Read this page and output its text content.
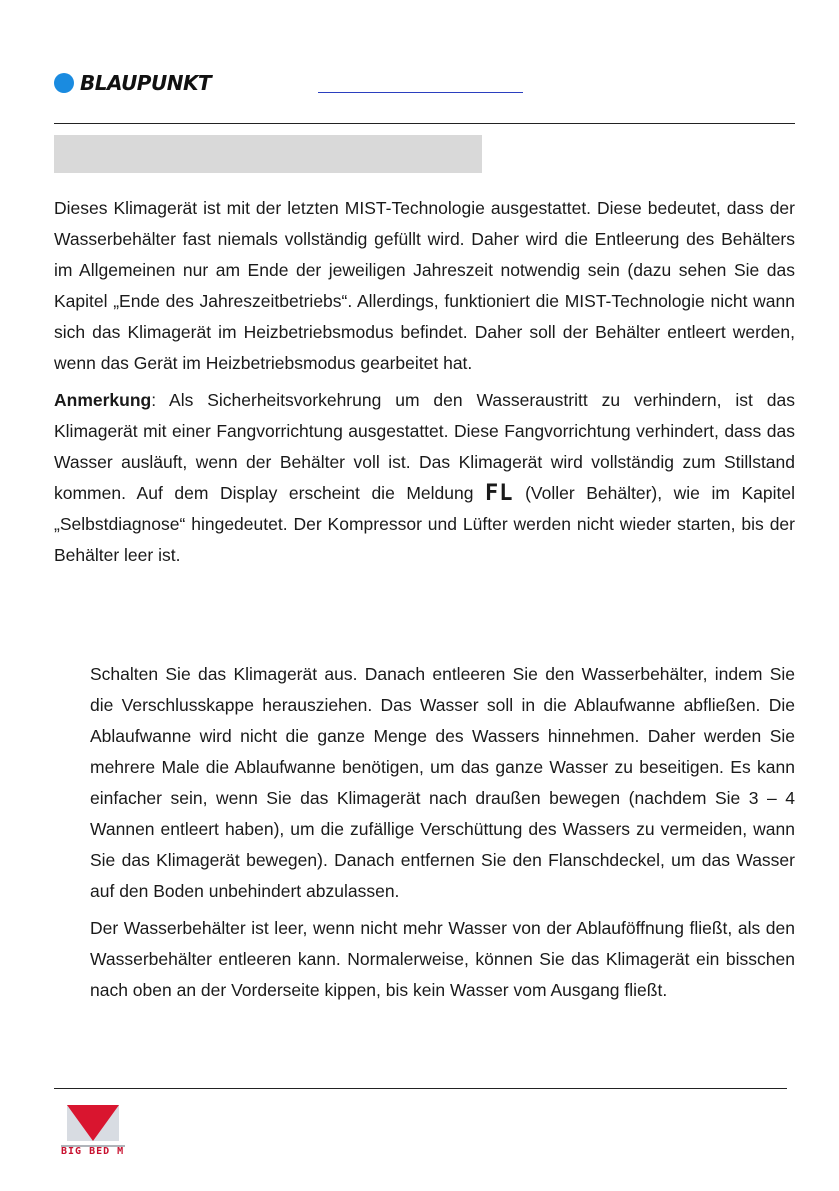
BLAUPUNKT

Dieses Klimagerät ist mit der letzten MIST-Technologie ausgestattet. Diese bedeutet, dass der Wasserbehälter fast niemals vollständig gefüllt wird. Daher wird die Entleerung des Behälters im Allgemeinen nur am Ende der jeweiligen Jahreszeit notwendig sein (dazu sehen Sie das Kapitel „Ende des Jahreszeitbetriebs“. Allerdings, funktioniert die MIST-Technologie nicht wann sich das Klimagerät im Heizbetriebsmodus befindet. Daher soll der Behälter entleert werden, wenn das Gerät im Heizbetriebsmodus gearbeitet hat.

Anmerkung: Als Sicherheitsvorkehrung um den Wasseraustritt zu verhindern, ist das Klimagerät mit einer Fangvorrichtung ausgestattet. Diese Fangvorrichtung verhindert, dass das Wasser ausläuft, wenn der Behälter voll ist. Das Klimagerät wird vollständig zum Stillstand kommen. Auf dem Display erscheint die Meldung FL (Voller Behälter), wie im Kapitel „Selbstdiagnose“ hingedeutet. Der Kompressor und Lüfter werden nicht wieder starten, bis der Behälter leer ist.

Schalten Sie das Klimagerät aus. Danach entleeren Sie den Wasserbehälter, indem Sie die Verschlusskappe herausziehen. Das Wasser soll in die Ablaufwanne abfließen. Die Ablaufwanne wird nicht die ganze Menge des Wassers hinnehmen. Daher werden Sie mehrere Male die Ablaufwanne benötigen, um das ganze Wasser zu beseitigen. Es kann einfacher sein, wenn Sie das Klimagerät nach draußen bewegen (nachdem Sie 3 – 4 Wannen entleert haben), um die zufällige Verschüttung des Wassers zu vermeiden, wann Sie das Klimagerät bewegen). Danach entfernen Sie den Flanschdeckel, um das Wasser auf den Boden unbehindert abzulassen.

Der Wasserbehälter ist leer, wenn nicht mehr Wasser von der Ablauföffnung fließt, als den Wasserbehälter entleeren kann. Normalerweise, können Sie das Klimagerät ein bisschen nach oben an der Vorderseite kippen, bis kein Wasser vom Ausgang fließt.

BIG BED M
